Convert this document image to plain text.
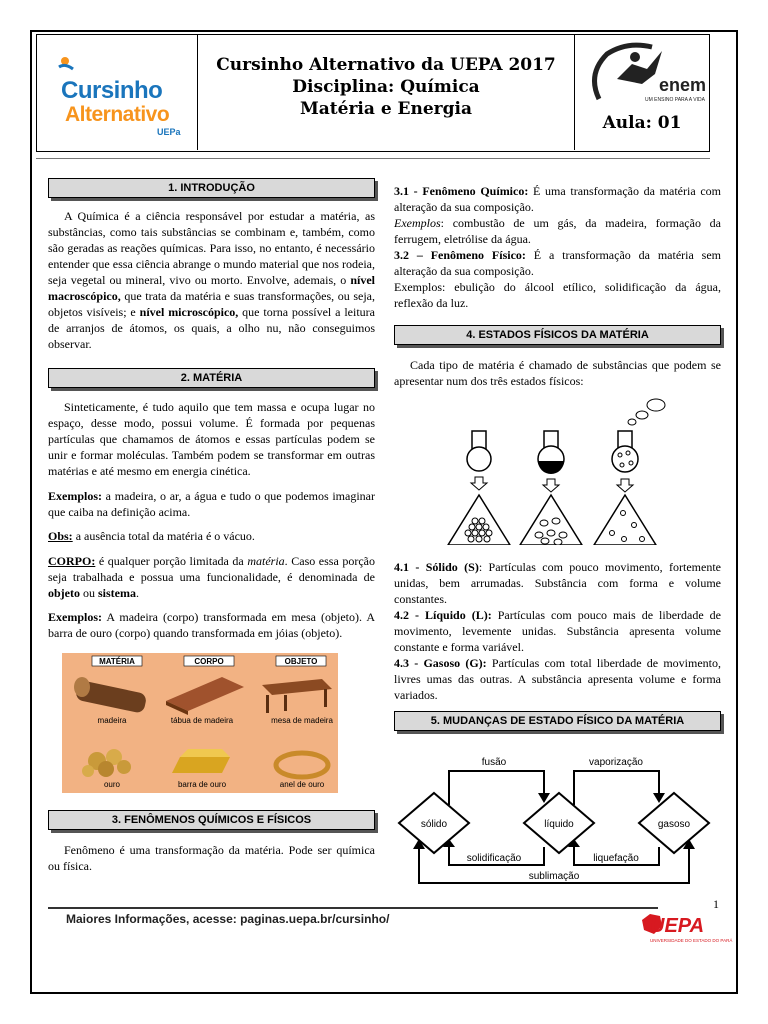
Cursinho
Alternativo
UEPa
Cursinho Alternativo da UEPA 2017
Disciplina: Química
Matéria e Energia
enem
UM ENSINO PARA A VIDA
Aula: 01
1. INTRODUÇÃO

A Química é a ciência responsável por estudar a matéria, as substâncias, como tais substâncias se combinam e, também, como são geradas as reações químicas. Para isso, no entanto, é necessário entender que essa ciência abrange o mundo material que nos rodeia, seja vegetal ou mineral, vivo ou morto. Envolve, ademais, o nível macroscópico, que trata da matéria e suas transformações, ou seja, objetos visíveis; e nível microscópico, que torna possível a leitura de arranjos de átomos, os quais, a olho nu, não conseguimos observar.

2. MATÉRIA

Sinteticamente, é tudo aquilo que tem massa e ocupa lugar no espaço, desse modo, possui volume. É formada por pequenas partículas que chamamos de átomos e essas partículas podem se unir e formar moléculas. Também podem se transformar em outras matérias e até mesmo em energia cinética.

Exemplos: a madeira, o ar, a água e tudo o que podemos imaginar que caiba na definição acima.

Obs: a ausência total da matéria é o vácuo.

CORPO: é qualquer porção limitada da matéria. Caso essa porção seja trabalhada e possua uma funcionalidade, é denominada de objeto ou sistema.

Exemplos: A madeira (corpo) transformada em mesa (objeto). A barra de ouro (corpo) quando transformada em jóias (objeto).

MATÉRIA	CORPO	OBJETO
madeira	tábua de madeira	mesa de madeira
ouro	barra de ouro	anel de ouro
3. FENÔMENOS QUÍMICOS E FÍSICOS

Fenômeno é uma transformação da matéria. Pode ser química ou física.

3.1 - Fenômeno Químico: É uma transformação da matéria com alteração da sua composição.

Exemplos: combustão de um gás, da madeira, formação da ferrugem, eletrólise da água.

3.2 – Fenômeno Físico: É a transformação da matéria sem alteração da sua composição.

Exemplos: ebulição do álcool etílico, solidificação da água, reflexão da luz.

4. ESTADOS FÍSICOS DA MATÉRIA

Cada tipo de matéria é chamado de substâncias que podem se apresentar num dos três estados físicos:

4.1 - Sólido (S): Partículas com pouco movimento, fortemente unidas, bem arrumadas. Substância com forma e volume constantes.

4.2 - Líquido (L): Partículas com pouco mais de liberdade de movimento, levemente unidas. Substância apresenta volume constante e forma variável.

4.3 - Gasoso (G): Partículas com total liberdade de movimento, livres umas das outras. A substância apresenta volume e forma variados.

5. MUDANÇAS DE ESTADO FÍSICO DA MATÉRIA
sólido	líquido	gasoso
fusão	vaporização
solidificação	liquefação
sublimação
1
Maiores Informações, acesse: paginas.uepa.br/cursinho/	UEPA
UNIVERSIDADE DO ESTADO DO PARÁ
